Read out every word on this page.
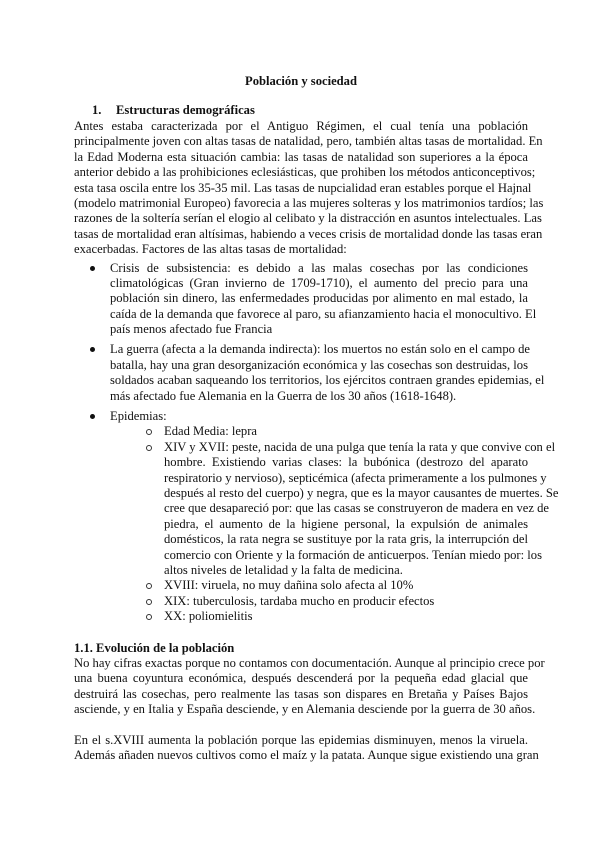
Población y sociedad
1. Estructuras demográficas
Antes estaba caracterizada por el Antiguo Régimen, el cual tenía una población
principalmente joven con altas tasas de natalidad, pero, también altas tasas de mortalidad. En
la Edad Moderna esta situación cambia: las tasas de natalidad son superiores a la época
anterior debido a las prohibiciones eclesiásticas, que prohiben los métodos anticonceptivos;
esta tasa oscila entre los 35-35 mil. Las tasas de nupcialidad eran estables porque el Hajnal
(modelo matrimonial Europeo) favorecia a las mujeres solteras y los matrimonios tardíos; las
razones de la soltería serían el elogio al celibato y la distracción en asuntos intelectuales. Las
tasas de mortalidad eran altísimas, habiendo a veces crisis de mortalidad donde las tasas eran
exacerbadas. Factores de las altas tasas de mortalidad:
Crisis de subsistencia: es debido a las malas cosechas por las condiciones
climatológicas (Gran invierno de 1709-1710), el aumento del precio para una
población sin dinero, las enfermedades producidas por alimento en mal estado, la
caída de la demanda que favorece al paro, su afianzamiento hacia el monocultivo. El
país menos afectado fue Francia
La guerra (afecta a la demanda indirecta): los muertos no están solo en el campo de
batalla, hay una gran desorganización económica y las cosechas son destruidas, los
soldados acaban saqueando los territorios, los ejércitos contraen grandes epidemias, el
más afectado fue Alemania en la Guerra de los 30 años (1618-1648).
Epidemias:
Edad Media: lepra
XIV y XVII: peste, nacida de una pulga que tenía la rata y que convive con el
hombre. Existiendo varias clases: la bubónica (destrozo del aparato
respiratorio y nervioso), septicémica (afecta primeramente a los pulmones y
después al resto del cuerpo) y negra, que es la mayor causantes de muertes. Se
cree que desapareció por: que las casas se construyeron de madera en vez de
piedra, el aumento de la higiene personal, la expulsión de animales
domésticos, la rata negra se sustituye por la rata gris, la interrupción del
comercio con Oriente y la formación de anticuerpos. Tenían miedo por: los
altos niveles de letalidad y la falta de medicina.
XVIII: viruela, no muy dañina solo afecta al 10%
XIX: tuberculosis, tardaba mucho en producir efectos
XX: poliomielitis
1.1. Evolución de la población
No hay cifras exactas porque no contamos con documentación. Aunque al principio crece por
una buena coyuntura económica, después descenderá por la pequeña edad glacial que
destruirá las cosechas, pero realmente las tasas son dispares en Bretaña y Países Bajos
asciende, y en Italia y España desciende, y en Alemania desciende por la guerra de 30 años.
En el s.XVIII aumenta la población porque las epidemias disminuyen, menos la viruela.
Además añaden nuevos cultivos como el maíz y la patata. Aunque sigue existiendo una gran
